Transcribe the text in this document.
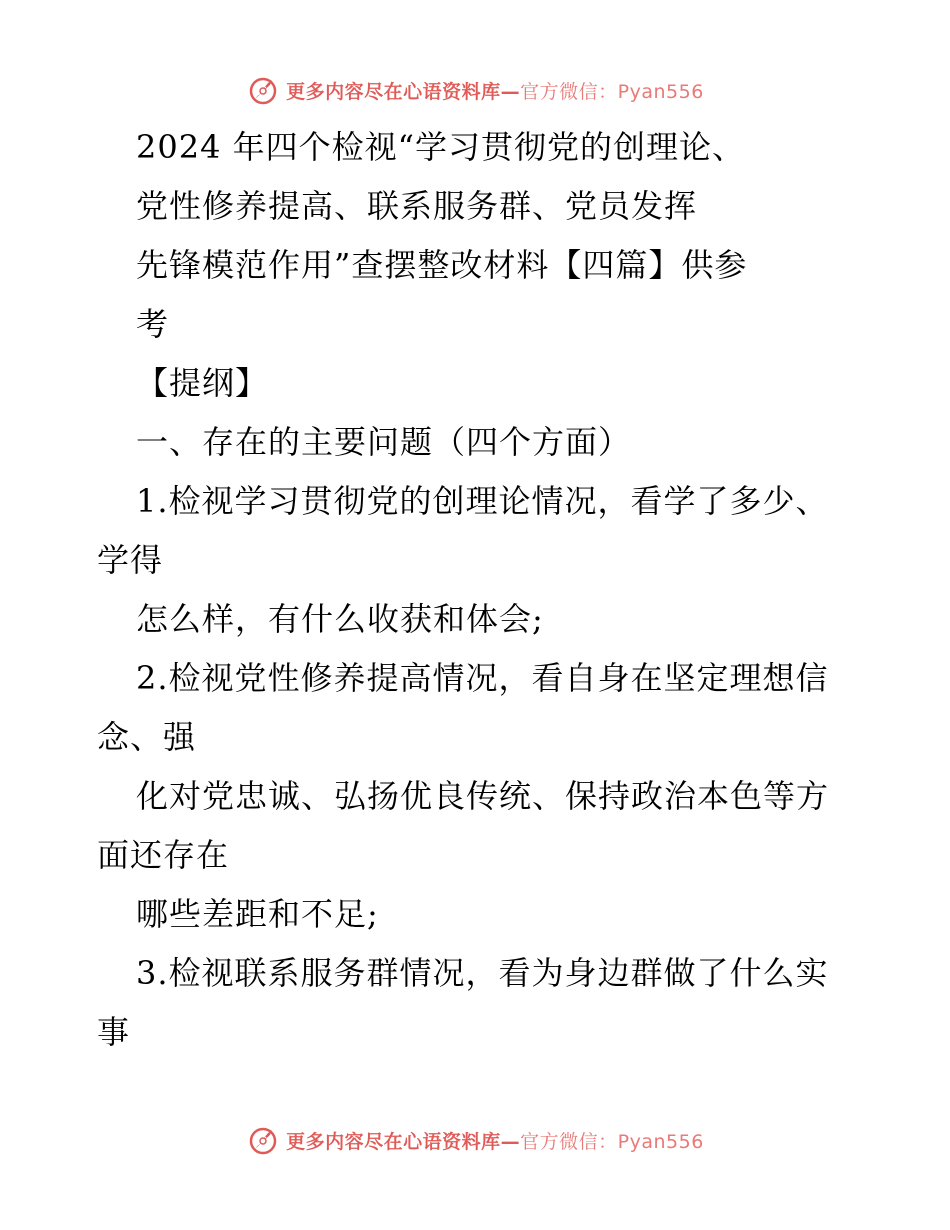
更多内容尽在心语资料库—官方微信：Pyan556
2024 年四个检视“学习贯彻党的创理论、
党性修养提高、联系服务群、党员发挥
先锋模范作用”查摆整改材料【四篇】供参
考
【提纲】
一、存在的主要问题（四个方面）
1.检视学习贯彻党的创理论情况，看学了多少、
学得
怎么样，有什么收获和体会;
2.检视党性修养提高情况，看自身在坚定理想信
念、强
化对党忠诚、弘扬优良传统、保持政治本色等方
面还存在
哪些差距和不足;
3.检视联系服务群情况，看为身边群做了什么实
事
更多内容尽在心语资料库—官方微信：Pyan556
